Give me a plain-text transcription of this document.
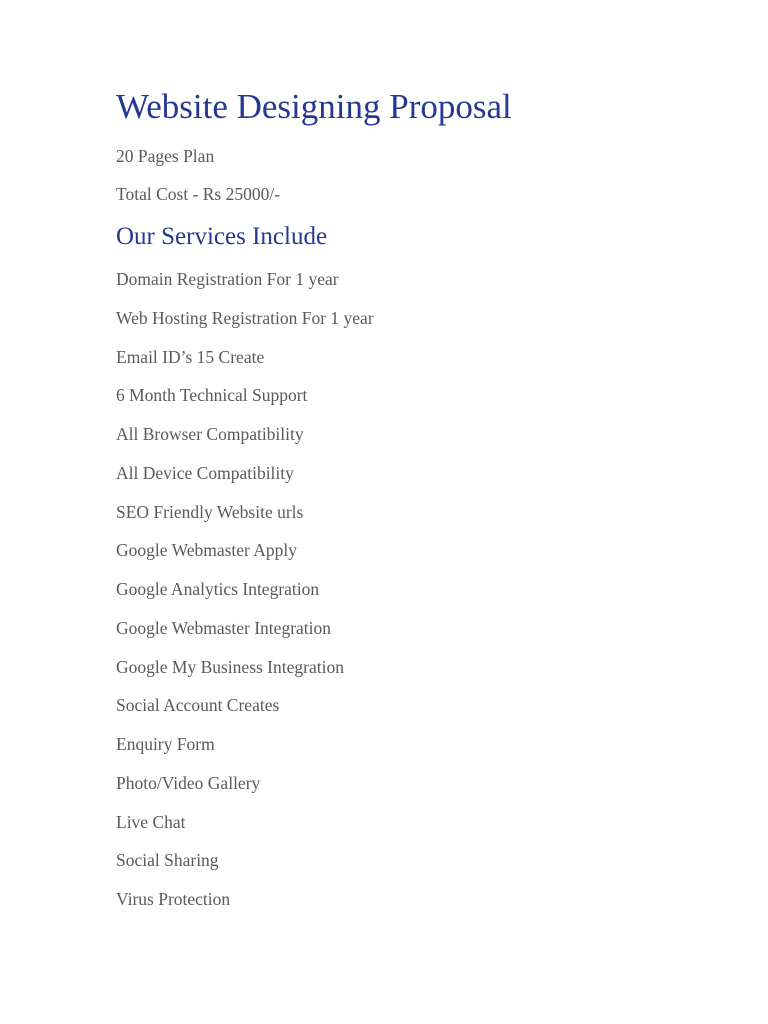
Website Designing Proposal

20 Pages Plan

Total Cost - Rs 25000/-

Our Services Include
Domain Registration For 1 year
Web Hosting Registration For 1 year
Email ID’s 15 Create
6 Month Technical Support
All Browser Compatibility
All Device Compatibility
SEO Friendly Website urls
Google Webmaster Apply
Google Analytics Integration
Google Webmaster Integration
Google My Business Integration
Social Account Creates
Enquiry Form
Photo/Video Gallery
Live Chat
Social Sharing
Virus Protection
